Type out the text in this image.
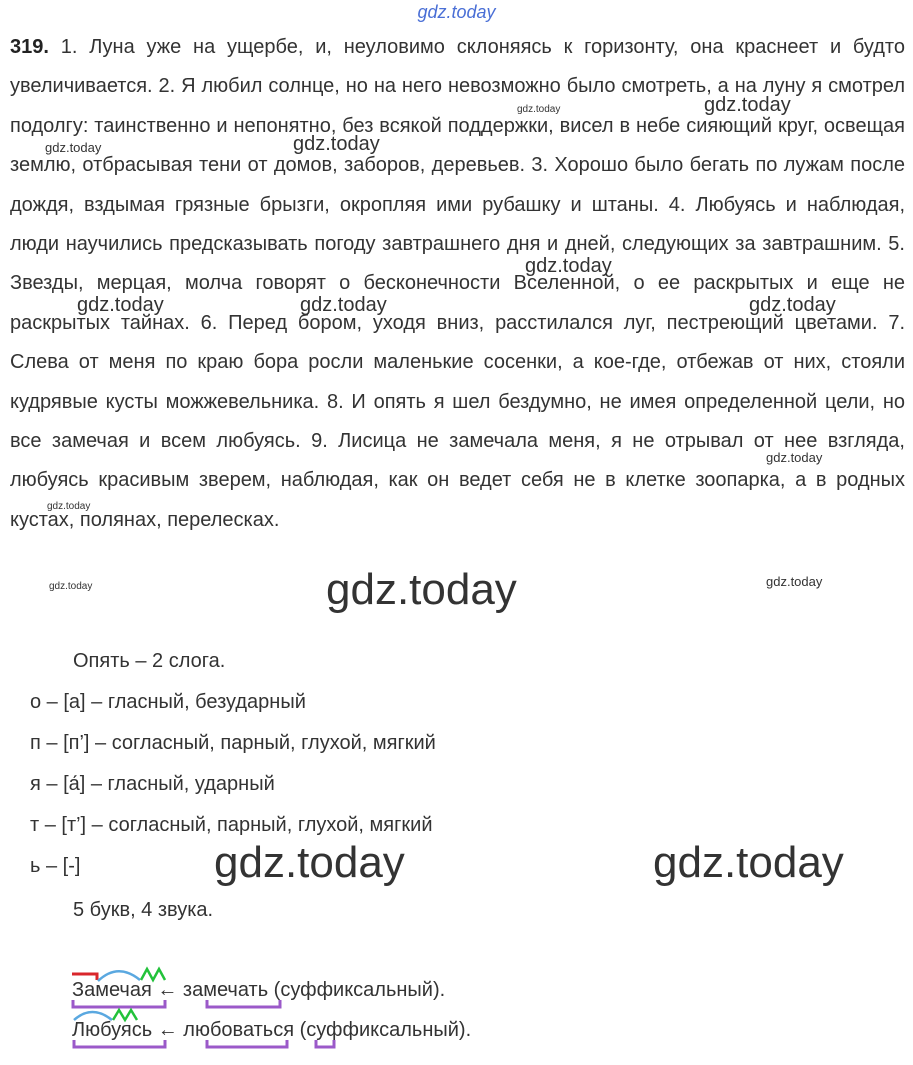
gdz.today
319. 1. Луна уже на ущербе, и, неуловимо склоняясь к горизонту, она краснеет и будто увеличивается. 2. Я любил солнце, но на него невозможно было смотреть, а на луну я смотрел подолгу: таинственно и непонятно, без всякой поддержки, висел в небе сияющий круг, освещая землю, отбрасывая тени от домов, заборов, деревьев. 3. Хорошо было бегать по лужам после дождя, вздымая грязные брызги, окропляя ими рубашку и штаны. 4. Любуясь и наблюдая, люди научились предсказывать погоду завтрашнего дня и дней, следующих за завтрашним. 5. Звезды, мерцая, молча говорят о бесконечности Вселенной, о ее раскрытых и еще не раскрытых тайнах. 6. Перед бором, уходя вниз, расстилался луг, пестреющий цветами. 7. Слева от меня по краю бора росли маленькие сосенки, а кое-где, отбежав от них, стояли кудрявые кусты можжевельника. 8. И опять я шел бездумно, не имея определенной цели, но все замечая и всем любуясь. 9. Лисица не замечала меня, я не отрывал от нее взгляда, любуясь красивым зверем, наблюдая, как он ведет себя не в клетке зоопарка, а в родных кустах, полянах, перелесках.
gdz.today	gdz.today
gdz.today	gdz.today
gdz.today
gdz.today	gdz.today	gdz.today
gdz.today
gdz.today
gdz.today	gdz.today
gdz.today
gdz.today	gdz.today
Опять – 2 слога.
о – [а] – гласный, безударный
п – [п’] – согласный, парный, глухой, мягкий
я – [а́] – гласный, ударный
т – [т’] – согласный, парный, глухой, мягкий
ь – [-]
5 букв, 4 звука.
Замечая ← замечать (суффиксальный).
Любуясь ← любоваться (суффиксальный).
